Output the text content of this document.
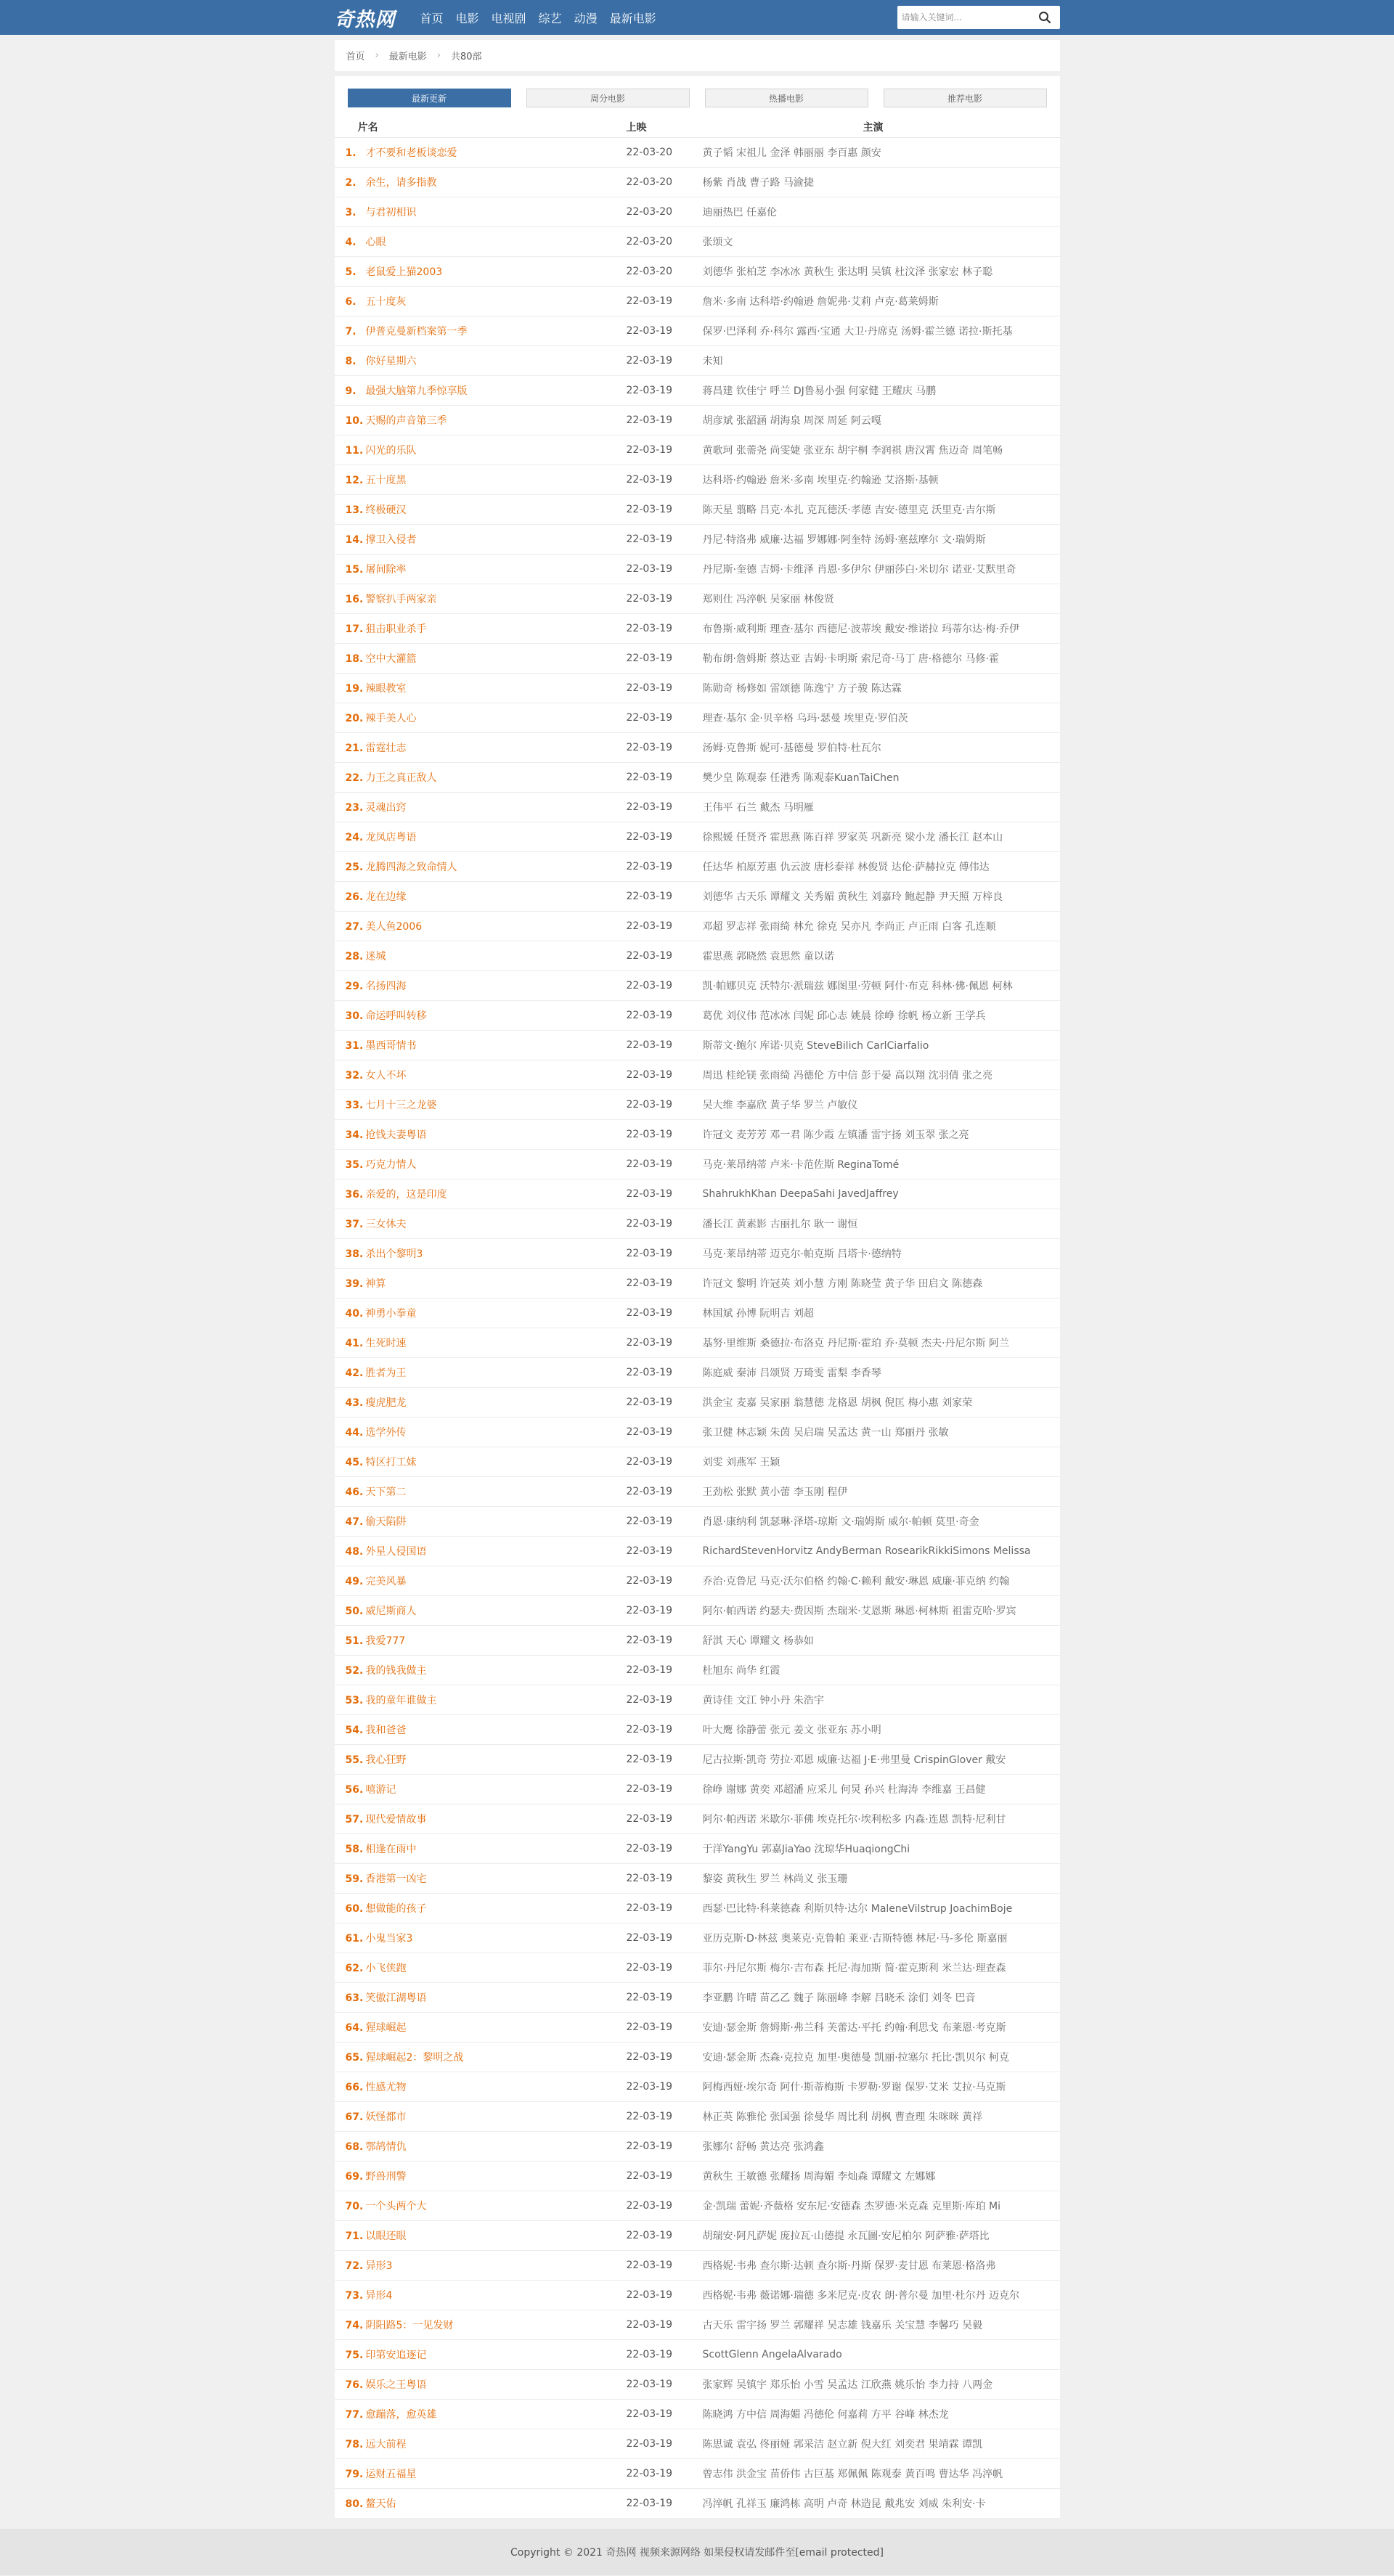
奇热网 首页 电影 电视剧 综艺 动漫 最新电影
请输入关键词...
首页 › 最新电影 › 共80部
最新更新	周分电影	热播电影	推荐电影
片名	上映	主演
1. 才不要和老板谈恋爱	22-03-20	黄子韬 宋祖儿 金泽 韩丽丽 李百惠 颜安
2. 余生，请多指教	22-03-20	杨紫 肖战 曹子路 马渝捷
3. 与君初相识	22-03-20	迪丽热巴 任嘉伦
4. 心眼	22-03-20	张颂文
5. 老鼠爱上猫2003	22-03-20	刘德华 张柏芝 李冰冰 黄秋生 张达明 吴镇 杜汶泽 张家宏 林子聪
6. 五十度灰	22-03-19	詹米·多南 达科塔·约翰逊 詹妮弗·艾莉 卢克·葛莱姆斯
7. 伊普克曼新档案第一季	22-03-19	保罗·巴泽利 乔·科尔 露西·宝通 大卫·丹席克 汤姆·霍兰德 诺拉·斯托基
8. 你好星期六	22-03-19	未知
9. 最强大脑第九季惊享版	22-03-19	蒋昌建 钦佳宁 呼兰 DJ鲁易小强 何家健 王耀庆 马鹏
10. 天赐的声音第三季	22-03-19	胡彦斌 张韶涵 胡海泉 周深 周延 阿云嘎
11. 闪光的乐队	22-03-19	黄歌珂 张薷尧 尚雯婕 张亚东 胡宇桐 李润祺 唐汉霄 焦迈奇 周笔畅
12. 五十度黑	22-03-19	达科塔·约翰逊 詹米·多南 埃里克·约翰逊 艾洛斯·基顿
13. 终极硬汉	22-03-19	陈天星 翦略 吕克·本扎 克瓦德沃·孝德 吉安·德里克 沃里克·吉尔斯
14. 撑卫入侵者	22-03-19	丹尼·特洛弗 威廉·达福 罗娜娜·阿奎特 汤姆·塞兹摩尔 文·瑞姆斯
15. 屠间除率	22-03-19	丹尼斯·奎德 吉姆·卡维泽 肖恩·多伊尔 伊丽莎白·米切尔 诺亚·艾默里奇
16. 警察扒手两家亲	22-03-19	郑则仕 冯淬帆 吴家丽 林俊贤
17. 狙击职业杀手	22-03-19	布鲁斯·威利斯 理查·基尔 西德尼·波蒂埃 戴安·维诺拉 玛蒂尔达·梅·乔伊
18. 空中大灌篮	22-03-19	勒布朗·詹姆斯 蔡达亚 吉姆·卡明斯 索尼奇·马丁 唐·格德尔 马修·霍
19. 辣眼教室	22-03-19	陈勋奇 杨修如 雷颂德 陈逸宁 方子骏 陈达霖
20. 辣手美人心	22-03-19	理查·基尔 金·贝辛格 乌玛·瑟曼 埃里克·罗伯茨
21. 雷霆壮志	22-03-19	汤姆·克鲁斯 妮可·基德曼 罗伯特·杜瓦尔
22. 力王之真正敌人	22-03-19	樊少皇 陈观泰 任港秀 陈观泰KuanTaiChen
23. 灵魂出窍	22-03-19	王伟平 石兰 戴杰 马明雁
24. 龙凤店粤语	22-03-19	徐熙媛 任贤齐 霍思燕 陈百祥 罗家英 巩新亮 梁小龙 潘长江 赵本山
25. 龙腾四海之致命情人	22-03-19	任达华 柏原芳惠 仇云波 唐杉泰祥 林俊贤 达伦·萨赫拉克 傅伟达
26. 龙在边缘	22-03-19	刘德华 古天乐 谭耀文 关秀媚 黄秋生 刘嘉玲 鲍起静 尹天照 万梓良
27. 美人鱼2006	22-03-19	邓超 罗志祥 张雨绮 林允 徐克 吴亦凡 李尚正 卢正雨 白客 孔连顺
28. 迷城	22-03-19	霍思燕 郭晓然 袁思然 童以诺
29. 名扬四海	22-03-19	凯·帕娜贝克 沃特尔·派瑞兹 娜图里·劳顿 阿什·布克 科林·佛·佩恩 柯林
30. 命运呼叫转移	22-03-19	葛优 刘仪伟 范冰冰 闫妮 邱心志 姚晨 徐峥 徐帆 杨立新 王学兵
31. 墨西哥情书	22-03-19	斯蒂文·鲍尔 库诺·贝克 SteveBilich CarlCiarfalio
32. 女人不坏	22-03-19	周迅 桂纶镁 张雨绮 冯德伦 方中信 彭于晏 高以翔 沈羽倩 张之亮
33. 七月十三之龙婆	22-03-19	吴大维 李嘉欣 黄子华 罗兰 卢敏仪
34. 抢钱夫妻粤语	22-03-19	许冠文 麦芳芳 邓一君 陈少霞 左镇潘 雷宇扬 刘玉翠 张之亮
35. 巧克力情人	22-03-19	马克·莱昂纳蒂 卢米·卡范佐斯 ReginaTomé
36. 亲爱的，这是印度	22-03-19	ShahrukhKhan DeepaSahi JavedJaffrey
37. 三女休夫	22-03-19	潘长江 黄素影 古丽扎尔 耿一 谢恒
38. 杀出个黎明3	22-03-19	马克·莱昂纳蒂 迈克尔·帕克斯 吕塔卡·德纳特
39. 神算	22-03-19	许冠文 黎明 许冠英 刘小慧 方刚 陈晓莹 黄子华 田启文 陈德森
40. 神勇小拳童	22-03-19	林国斌 孙博 阮明吉 刘超
41. 生死时速	22-03-19	基努·里维斯 桑德拉·布洛克 丹尼斯·霍珀 乔·莫顿 杰夫·丹尼尔斯 阿兰
42. 胜者为王	22-03-19	陈庭威 秦沛 吕颂贤 万琦雯 雷梨 李香琴
43. 瘦虎肥龙	22-03-19	洪金宝 麦嘉 吴家丽 翁慧德 龙格恩 胡枫 倪匡 梅小惠 刘家荣
44. 选学外传	22-03-19	张卫健 林志颖 朱茵 吴启瑞 吴孟达 黄一山 郑丽丹 张敏
45. 特区打工妹	22-03-19	刘雯 刘燕军 王颖
46. 天下第二	22-03-19	王劲松 张默 黄小蕾 李玉刚 程伊
47. 偷天陷阱	22-03-19	肖恩·康纳利 凯瑟琳·泽塔-琼斯 文·瑞姆斯 威尔·帕顿 莫里·奇金
48. 外星人侵国语	22-03-19	RichardStevenHorvitz AndyBerman RosearikRikkiSimons Melissa
49. 完美风暴	22-03-19	乔治·克鲁尼 马克·沃尔伯格 约翰·C·赖利 戴安·琳恩 威廉·菲克纳 约翰
50. 威尼斯商人	22-03-19	阿尔·帕西诺 约瑟夫·费因斯 杰瑞米·艾恩斯 琳恩·柯林斯 祖雷克哈·罗宾
51. 我爱777	22-03-19	舒淇 天心 谭耀文 杨恭如
52. 我的钱我做主	22-03-19	杜旭东 尚华 红霞
53. 我的童年谁做主	22-03-19	黄诗佳 文江 钟小丹 朱浩宇
54. 我和爸爸	22-03-19	叶大鹰 徐静蕾 张元 姜文 张亚东 苏小明
55. 我心狂野	22-03-19	尼古拉斯·凯奇 劳拉·邓恩 威廉·达福 J·E·弗里曼 CrispinGlover 戴安
56. 嘻游记	22-03-19	徐峥 谢娜 黄奕 邓超潘 应采儿 何炅 孙兴 杜海涛 李维嘉 王昌健
57. 现代爱情故事	22-03-19	阿尔·帕西诺 米歇尔·菲佛 埃克托尔·埃利松多 内森·连恩 凯特·尼利甘
58. 相逢在雨中	22-03-19	于洋YangYu 郭嘉JiaYao 沈琼华HuaqiongChi
59. 香港第一凶宅	22-03-19	黎姿 黄秋生 罗兰 林尚义 张玉珊
60. 想做能的孩子	22-03-19	西瑟·巴比特·科莱德森 利斯贝特·达尔 MaleneVilstrup JoachimBoje
61. 小鬼当家3	22-03-19	亚历克斯·D·林兹 奥莱克·克鲁帕 莱亚·吉斯特德 林尼·马-多伦 斯嘉丽
62. 小飞侠跑	22-03-19	菲尔·丹尼尔斯 梅尔·吉布森 托尼·海加斯 简·霍克斯利 米兰达·理查森
63. 笑傲江湖粤语	22-03-19	李亚鹏 许晴 苗乙乙 魏子 陈丽峰 李解 吕晓禾 涂们 刘冬 巴音
64. 猩球崛起	22-03-19	安迪·瑟金斯 詹姆斯·弗兰科 芙蕾达·平托 约翰·利思戈 布莱恩·考克斯
65. 猩球崛起2：黎明之战	22-03-19	安迪·瑟金斯 杰森·克拉克 加里·奥德曼 凯丽·拉塞尔 托比·凯贝尔 柯克
66. 性感尤物	22-03-19	阿梅西娅·埃尔奇 阿什·斯蒂梅斯 卡罗勒·罗谢 保罗·艾米 艾拉·马克斯
67. 妖怪都市	22-03-19	林正英 陈雅伦 张国强 徐曼华 周比利 胡枫 曹查理 朱咪咪 黄祥
68. 鄂鸪情仇	22-03-19	张娜尔 舒畅 黄达亮 张鸿鑫
69. 野兽刑警	22-03-19	黄秋生 王敏德 张耀扬 周海媚 李灿森 谭耀文 左娜娜
70. 一个头两个大	22-03-19	金·凯瑞 蕾妮·齐薇格 安东尼·安德森 杰罗德·米克森 克里斯·库珀 Mi
71. 以眼还眼	22-03-19	胡瑞安·阿凡萨妮 庞拉瓦·山德提 永瓦圖·安尼柏尔 阿萨雅·萨塔比
72. 异形3	22-03-19	西格妮·韦弗 查尔斯·达顿 查尔斯·丹斯 保罗·麦甘恩 布莱恩·格洛弗
73. 异形4	22-03-19	西格妮·韦弗 薇诺娜·瑞德 多米尼克·皮农 朗·普尔曼 加里·杜尔丹 迈克尔
74. 阴阳路5：一见发财	22-03-19	古天乐 雷宇扬 罗兰 郭耀祥 吴志雄 钱嘉乐 关宝慧 李馨巧 吴毅
75. 印第安追逐记	22-03-19	ScottGlenn AngelaAlvarado
76. 娱乐之王粤语	22-03-19	张家辉 吴镇宇 郑乐怡 小雪 吴孟达 江欣燕 姚乐怡 李力持 八两金
77. 愈蹦落，愈英雄	22-03-19	陈晓鸿 方中信 周海媚 冯德伦 何嘉莉 方平 谷峰 林杰龙
78. 远大前程	22-03-19	陈思诚 袁弘 佟丽娅 郭采洁 赵立新 倪大红 刘奕君 果靖霖 谭凯
79. 运财五福星	22-03-19	曾志伟 洪金宝 苗侨伟 古巨基 郑佩佩 陈观泰 黄百鸣 曹达华 冯淬帆
80. 鳌天佑	22-03-19	冯淬帆 孔祥玉 廉鸿栋 高明 卢奇 林造昆 戴兆安 刘威 朱利安·卡
Copyright © 2021 奇热网 视频来源网络 如果侵权请发邮件至[email protected]
